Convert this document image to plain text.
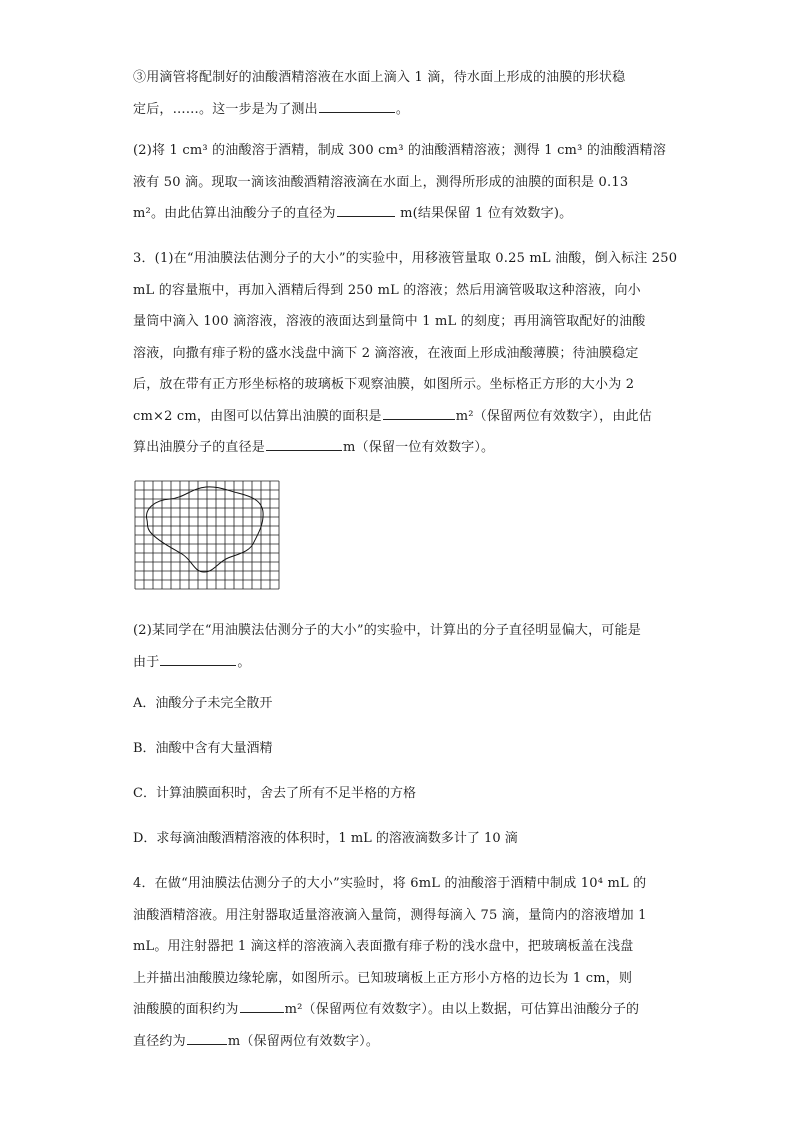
③用滴管将配制好的油酸酒精溶液在水面上滴入 1 滴，待水面上形成的油膜的形状稳
定后，……。这一步是为了测出	。
(2)将 1 cm³ 的油酸溶于酒精，制成 300 cm³ 的油酸酒精溶液；测得 1 cm³ 的油酸酒精溶
液有 50 滴。现取一滴该油酸酒精溶液滴在水面上，测得所形成的油膜的面积是 0.13
m²。由此估算出油酸分子的直径为	m(结果保留 1 位有效数字)。
3．(1)在“用油膜法估测分子的大小”的实验中，用移液管量取 0.25 mL 油酸，倒入标注 250
mL 的容量瓶中，再加入酒精后得到 250 mL 的溶液；然后用滴管吸取这种溶液，向小
量筒中滴入 100 滴溶液，溶液的液面达到量筒中 1 mL 的刻度；再用滴管取配好的油酸
溶液，向撒有痱子粉的盛水浅盘中滴下 2 滴溶液，在液面上形成油酸薄膜；待油膜稳定
后，放在带有正方形坐标格的玻璃板下观察油膜，如图所示。坐标格正方形的大小为 2
cm×2 cm，由图可以估算出油膜的面积是	m²（保留两位有效数字），由此估
算出油膜分子的直径是	m（保留一位有效数字）。
(2)某同学在“用油膜法估测分子的大小”的实验中，计算出的分子直径明显偏大，可能是
由于	。
A．油酸分子未完全散开
B．油酸中含有大量酒精
C．计算油膜面积时，舍去了所有不足半格的方格
D．求每滴油酸酒精溶液的体积时，1 mL 的溶液滴数多计了 10 滴
4．在做“用油膜法估测分子的大小”实验时，将 6mL 的油酸溶于酒精中制成 10⁴ mL 的
油酸酒精溶液。用注射器取适量溶液滴入量筒，测得每滴入 75 滴，量筒内的溶液增加 1
mL。用注射器把 1 滴这样的溶液滴入表面撒有痱子粉的浅水盘中，把玻璃板盖在浅盘
上并描出油酸膜边缘轮廓，如图所示。已知玻璃板上正方形小方格的边长为 1 cm，则
油酸膜的面积约为	m²（保留两位有效数字）。由以上数据，可估算出油酸分子的
直径约为	m（保留两位有效数字）。
